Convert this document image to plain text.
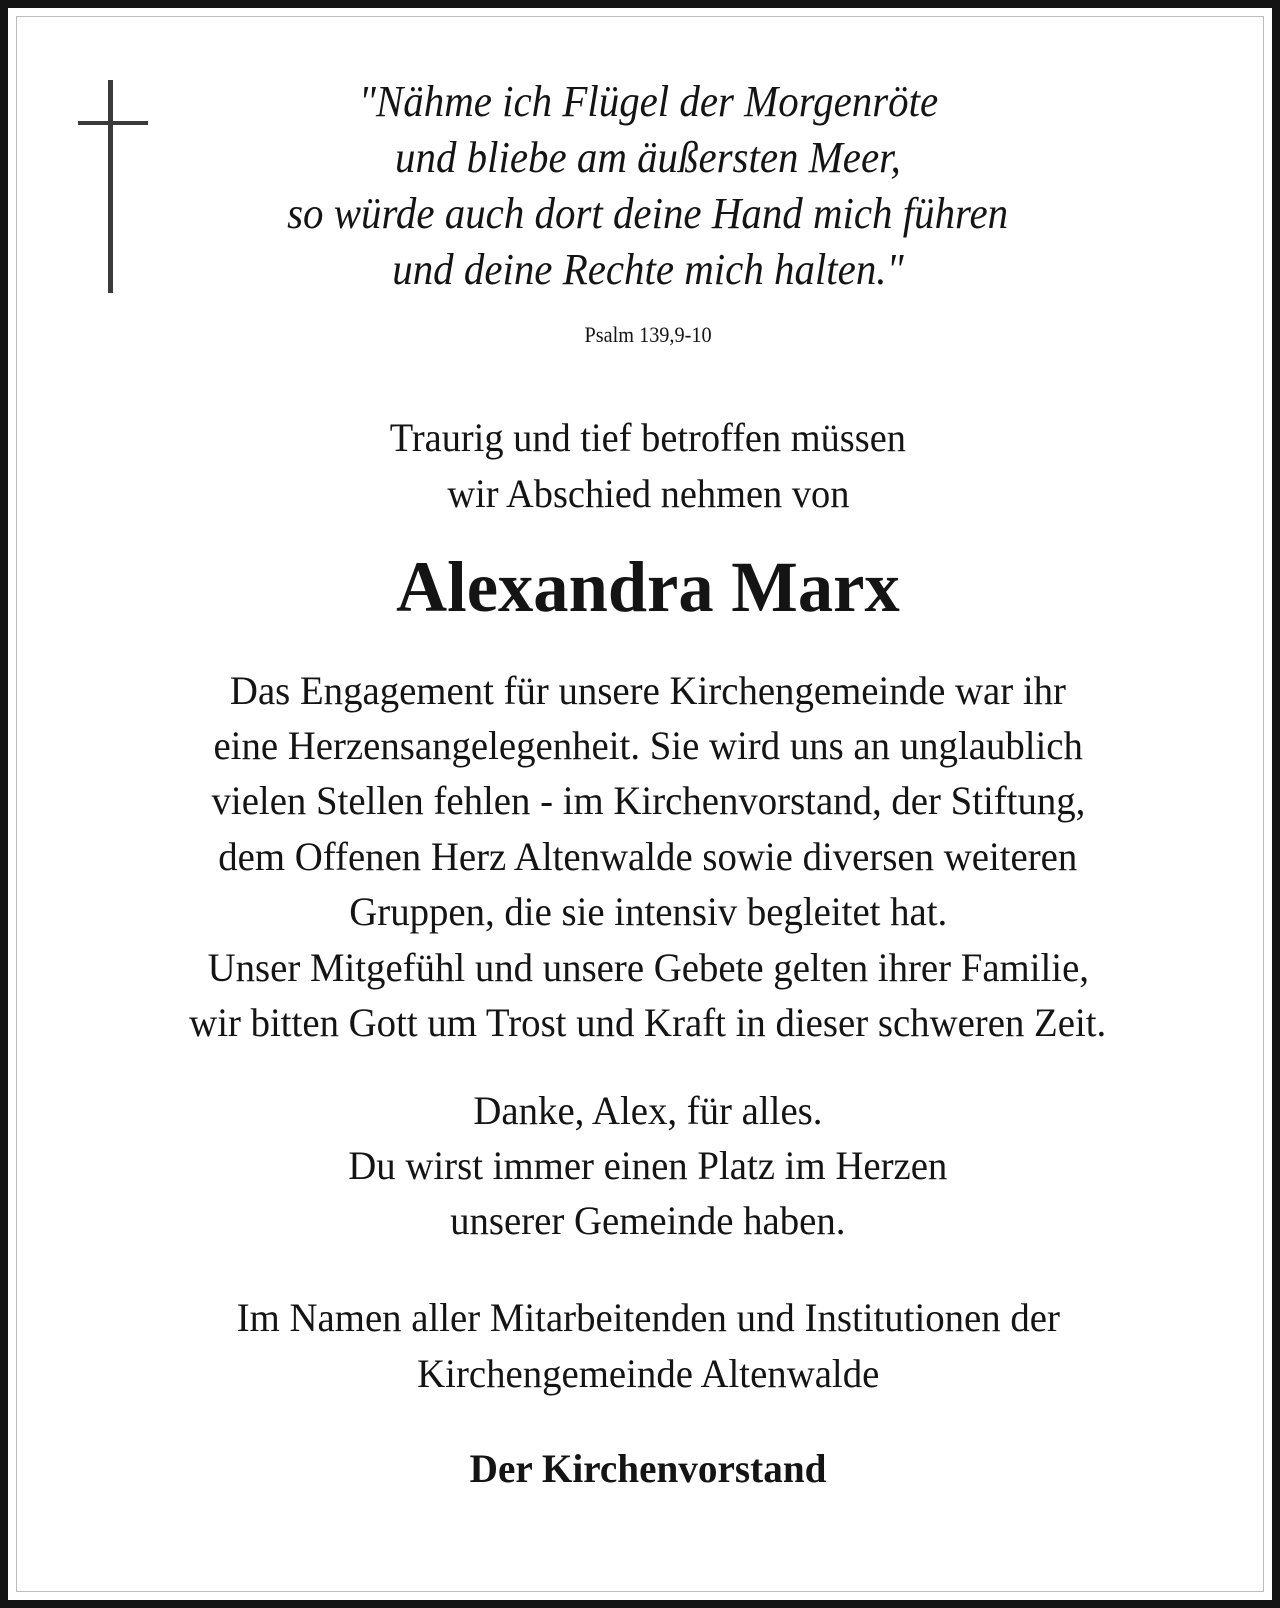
"Nähme ich Flügel der Morgenröte
und bliebe am äußersten Meer,
so würde auch dort deine Hand mich führen
und deine Rechte mich halten."
Psalm 139,9-10
Traurig und tief betroffen müssen
wir Abschied nehmen von
Alexandra Marx
Das Engagement für unsere Kirchengemeinde war ihr
eine Herzensangelegenheit. Sie wird uns an unglaublich
vielen Stellen fehlen - im Kirchenvorstand, der Stiftung,
dem Offenen Herz Altenwalde sowie diversen weiteren
Gruppen, die sie intensiv begleitet hat.
Unser Mitgefühl und unsere Gebete gelten ihrer Familie,
wir bitten Gott um Trost und Kraft in dieser schweren Zeit.
Danke, Alex, für alles.
Du wirst immer einen Platz im Herzen
unserer Gemeinde haben.
Im Namen aller Mitarbeitenden und Institutionen der
Kirchengemeinde Altenwalde
Der Kirchenvorstand
